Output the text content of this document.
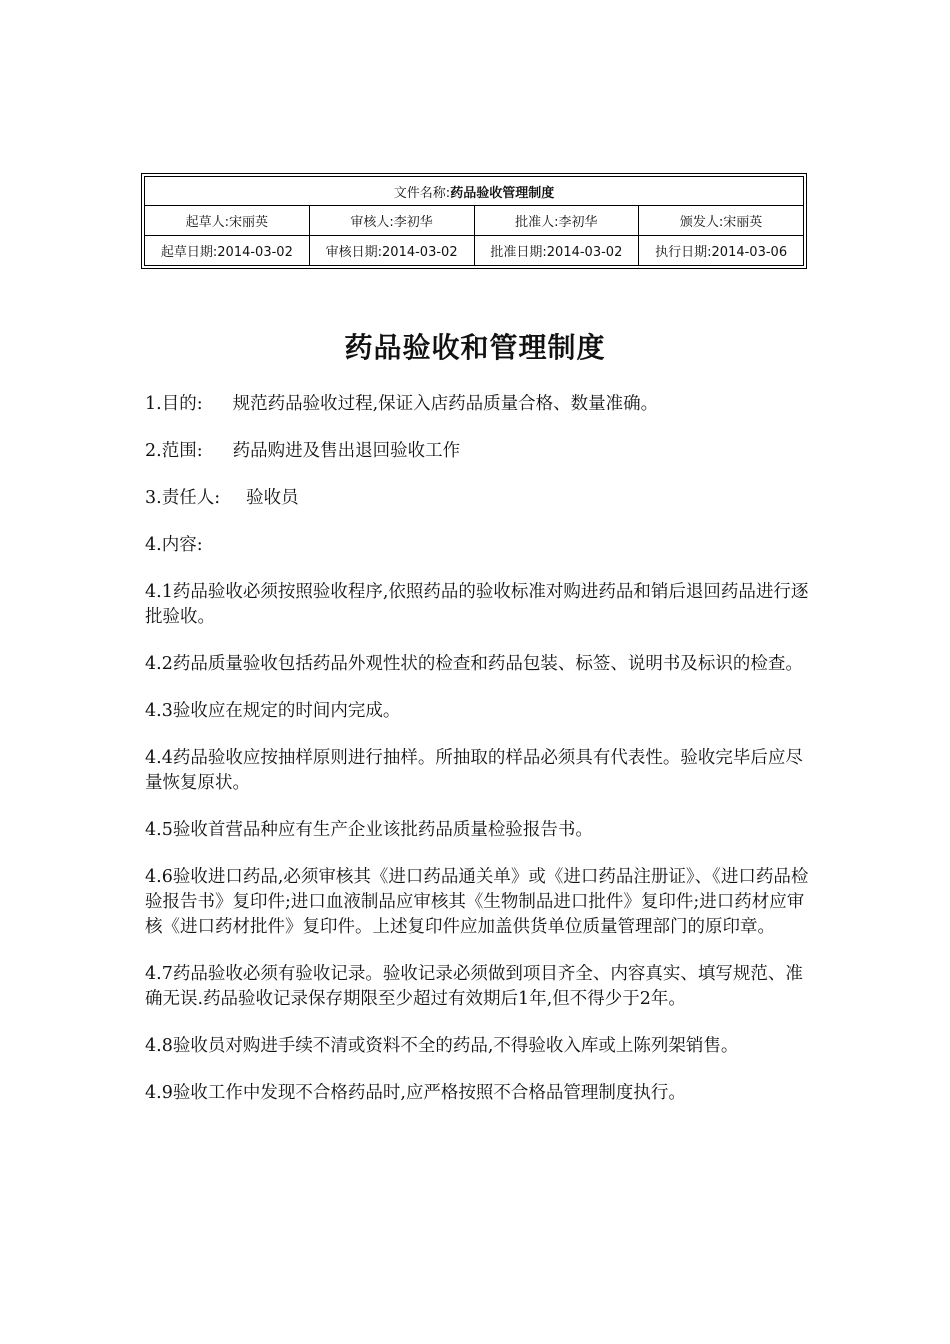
文件名称:药品验收管理制度			
起草人:宋丽英	审核人:李初华	批准人:李初华	颁发人:宋丽英
起草日期:2014-03-02	审核日期:2014-03-02	批准日期:2014-03-02	执行日期:2014-03-06
药品验收和管理制度

1.目的: 规范药品验收过程,保证入店药品质量合格、数量准确。

2.范围: 药品购进及售出退回验收工作

3.责任人: 验收员

4.内容:

4.1药品验收必须按照验收程序,依照药品的验收标准对购进药品和销后退回药品进行逐批验收。

4.2药品质量验收包括药品外观性状的检查和药品包装、标签、说明书及标识的检查。

4.3验收应在规定的时间内完成。

4.4药品验收应按抽样原则进行抽样。所抽取的样品必须具有代表性。验收完毕后应尽量恢复原状。

4.5验收首营品种应有生产企业该批药品质量检验报告书。

4.6验收进口药品,必须审核其《进口药品通关单》或《进口药品注册证》、《进口药品检验报告书》复印件;进口血液制品应审核其《生物制品进口批件》复印件;进口药材应审核《进口药材批件》复印件。上述复印件应加盖供货单位质量管理部门的原印章。

4.7药品验收必须有验收记录。验收记录必须做到项目齐全、内容真实、填写规范、准确无误.药品验收记录保存期限至少超过有效期后1年,但不得少于2年。

4.8验收员对购进手续不清或资料不全的药品,不得验收入库或上陈列架销售。

4.9验收工作中发现不合格药品时,应严格按照不合格品管理制度执行。
